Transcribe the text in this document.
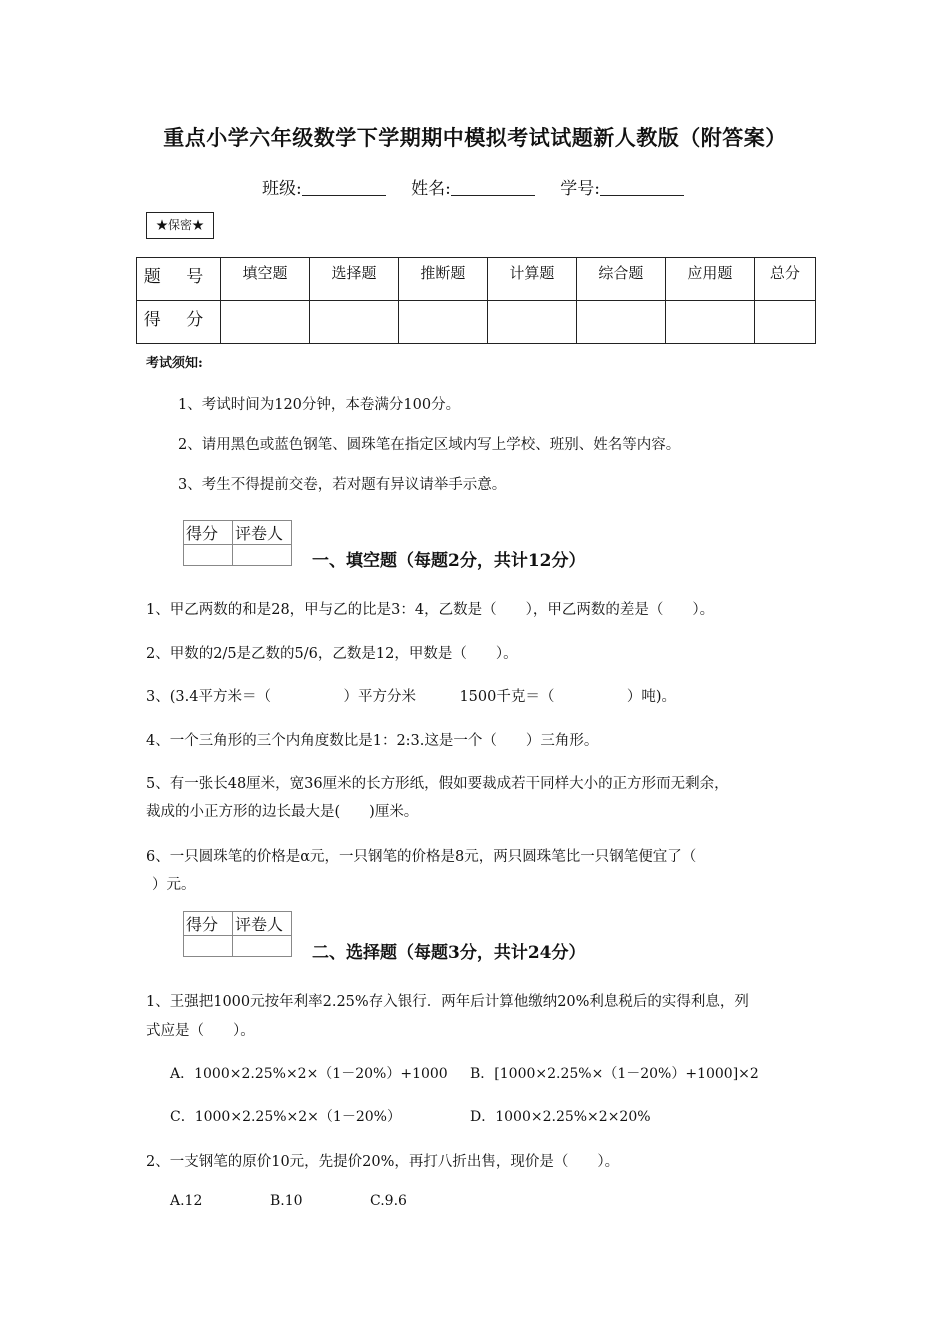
重点小学六年级数学下学期期中模拟考试试题新人教版（附答案）
班级:	姓名:	学号:
★保密★
题 号	填空题	选择题	推断题	计算题	综合题	应用题	总分
得 分							
考试须知:
1、考试时间为120分钟，本卷满分100分。
2、请用黑色或蓝色钢笔、圆珠笔在指定区域内写上学校、班别、姓名等内容。
3、考生不得提前交卷，若对题有异议请举手示意。
得分	评卷人

一、填空题（每题2分，共计12分）
1、甲乙两数的和是28，甲与乙的比是3：4，乙数是（　　），甲乙两数的差是（　　）。
2、甲数的2/5是乙数的5/6，乙数是12，甲数是（　　）。
3、(3.4平方米＝（　　　　　）平方分米　　　1500千克＝（　　　　　）吨)。
4、一个三角形的三个内角度数比是1：2:3.这是一个（　　）三角形。
5、有一张长48厘米，宽36厘米的长方形纸，假如要裁成若干同样大小的正方形而无剩余，
裁成的小正方形的边长最大是(　　)厘米。
6、一只圆珠笔的价格是α元，一只钢笔的价格是8元，两只圆珠笔比一只钢笔便宜了（
）元。
得分	评卷人

二、选择题（每题3分，共计24分）
1、王强把1000元按年利率2.25%存入银行．两年后计算他缴纳20%利息税后的实得利息，列
式应是（　　）。
A．1000×2.25%×2×（1－20%）+1000 B．[1000×2.25%×（1－20%）+1000]×2
C．1000×2.25%×2×（1－20%）	D．1000×2.25%×2×20%
2、一支钢笔的原价10元，先提价20%，再打八折出售，现价是（　　）。
A.12	B.10	C.9.6
